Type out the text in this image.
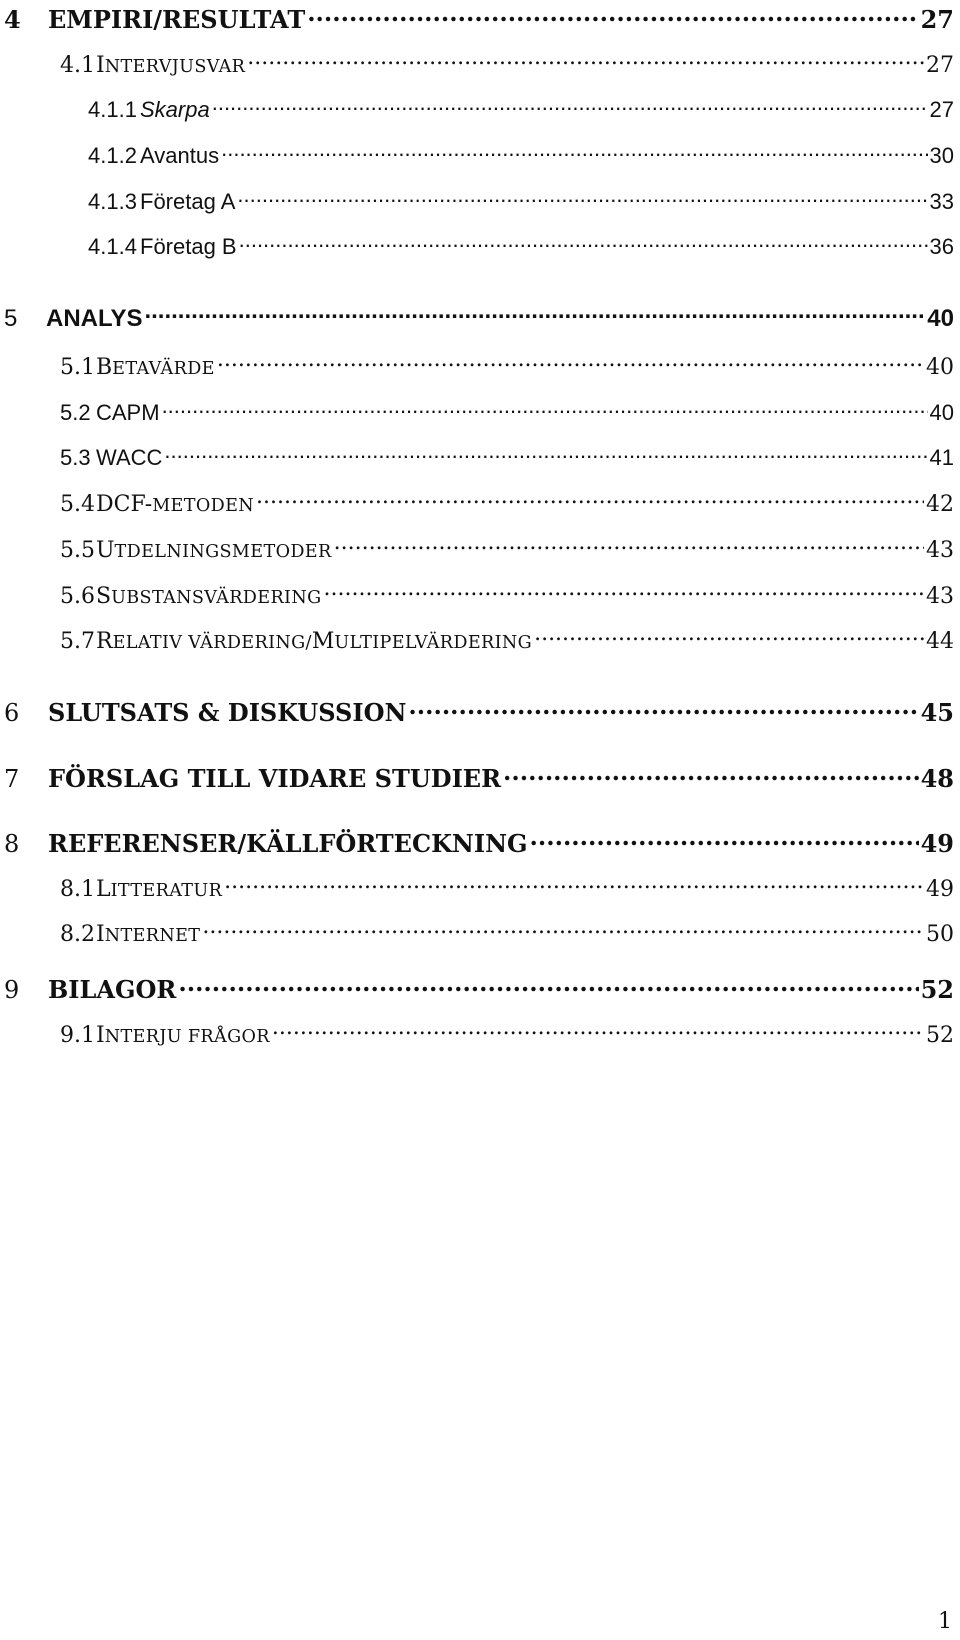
4	EMPIRI/RESULTAT .....	27
4.1 INTERVJUSVAR .....	27
4.1.1 Skarpa .....	27
4.1.2 Avantus .....	30
4.1.3 Företag A .....	33
4.1.4 Företag B .....	36
5	ANALYS .....	40
5.1 BETAVÄRDE .....	40
5.2 CAPM .....	40
5.3 WACC .....	41
5.4 DCF-METODEN .....	42
5.5 UTDELNINGSMETODER .....	43
5.6 SUBSTANSVÄRDERING .....	43
5.7 RELATIV VÄRDERING/MULTIPELVÄRDERING .....	44
6	SLUTSATS & DISKUSSION .....	45
7	FÖRSLAG TILL VIDARE STUDIER .....	48
8	REFERENSER/KÄLLFÖRTECKNING .....	49
8.1 LITTERATUR .....	49
8.2 INTERNET .....	50
9	BILAGOR .....	52
9.1 INTERJU FRÅGOR .....	52
1
